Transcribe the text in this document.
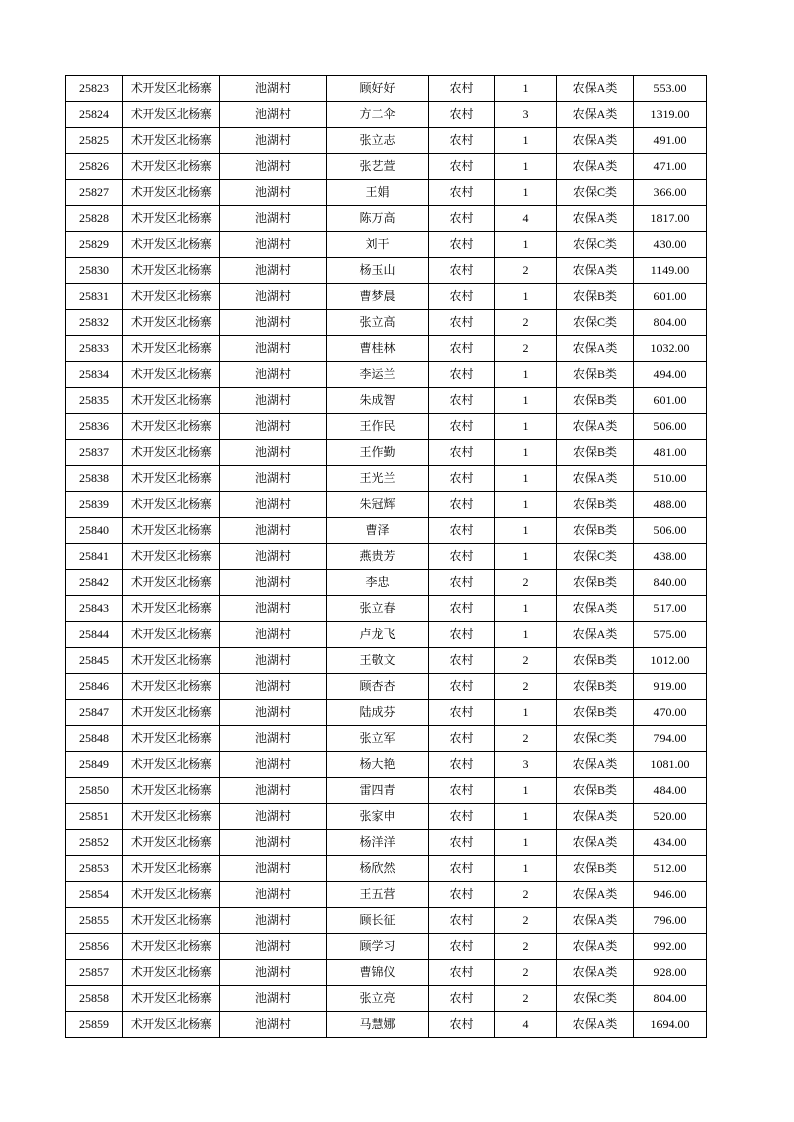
25823	术开发区北杨寨	池湖村	顾好好	农村	1	农保A类	553.00
25824	术开发区北杨寨	池湖村	方二伞	农村	3	农保A类	1319.00
25825	术开发区北杨寨	池湖村	张立志	农村	1	农保A类	491.00
25826	术开发区北杨寨	池湖村	张艺萱	农村	1	农保A类	471.00
25827	术开发区北杨寨	池湖村	王娟	农村	1	农保C类	366.00
25828	术开发区北杨寨	池湖村	陈万高	农村	4	农保A类	1817.00
25829	术开发区北杨寨	池湖村	刘干	农村	1	农保C类	430.00
25830	术开发区北杨寨	池湖村	杨玉山	农村	2	农保A类	1149.00
25831	术开发区北杨寨	池湖村	曹梦晨	农村	1	农保B类	601.00
25832	术开发区北杨寨	池湖村	张立高	农村	2	农保C类	804.00
25833	术开发区北杨寨	池湖村	曹桂林	农村	2	农保A类	1032.00
25834	术开发区北杨寨	池湖村	李运兰	农村	1	农保B类	494.00
25835	术开发区北杨寨	池湖村	朱成智	农村	1	农保B类	601.00
25836	术开发区北杨寨	池湖村	王作民	农村	1	农保A类	506.00
25837	术开发区北杨寨	池湖村	王作勤	农村	1	农保B类	481.00
25838	术开发区北杨寨	池湖村	王光兰	农村	1	农保A类	510.00
25839	术开发区北杨寨	池湖村	朱冠辉	农村	1	农保B类	488.00
25840	术开发区北杨寨	池湖村	曹泽	农村	1	农保B类	506.00
25841	术开发区北杨寨	池湖村	燕贵芳	农村	1	农保C类	438.00
25842	术开发区北杨寨	池湖村	李忠	农村	2	农保B类	840.00
25843	术开发区北杨寨	池湖村	张立春	农村	1	农保A类	517.00
25844	术开发区北杨寨	池湖村	卢龙飞	农村	1	农保A类	575.00
25845	术开发区北杨寨	池湖村	王敬文	农村	2	农保B类	1012.00
25846	术开发区北杨寨	池湖村	顾杏杏	农村	2	农保B类	919.00
25847	术开发区北杨寨	池湖村	陆成芬	农村	1	农保B类	470.00
25848	术开发区北杨寨	池湖村	张立军	农村	2	农保C类	794.00
25849	术开发区北杨寨	池湖村	杨大艳	农村	3	农保A类	1081.00
25850	术开发区北杨寨	池湖村	雷四青	农村	1	农保B类	484.00
25851	术开发区北杨寨	池湖村	张家申	农村	1	农保A类	520.00
25852	术开发区北杨寨	池湖村	杨洋洋	农村	1	农保A类	434.00
25853	术开发区北杨寨	池湖村	杨欣然	农村	1	农保B类	512.00
25854	术开发区北杨寨	池湖村	王五营	农村	2	农保A类	946.00
25855	术开发区北杨寨	池湖村	顾长征	农村	2	农保A类	796.00
25856	术开发区北杨寨	池湖村	顾学习	农村	2	农保A类	992.00
25857	术开发区北杨寨	池湖村	曹锦仪	农村	2	农保A类	928.00
25858	术开发区北杨寨	池湖村	张立亮	农村	2	农保C类	804.00
25859	术开发区北杨寨	池湖村	马慧娜	农村	4	农保A类	1694.00
